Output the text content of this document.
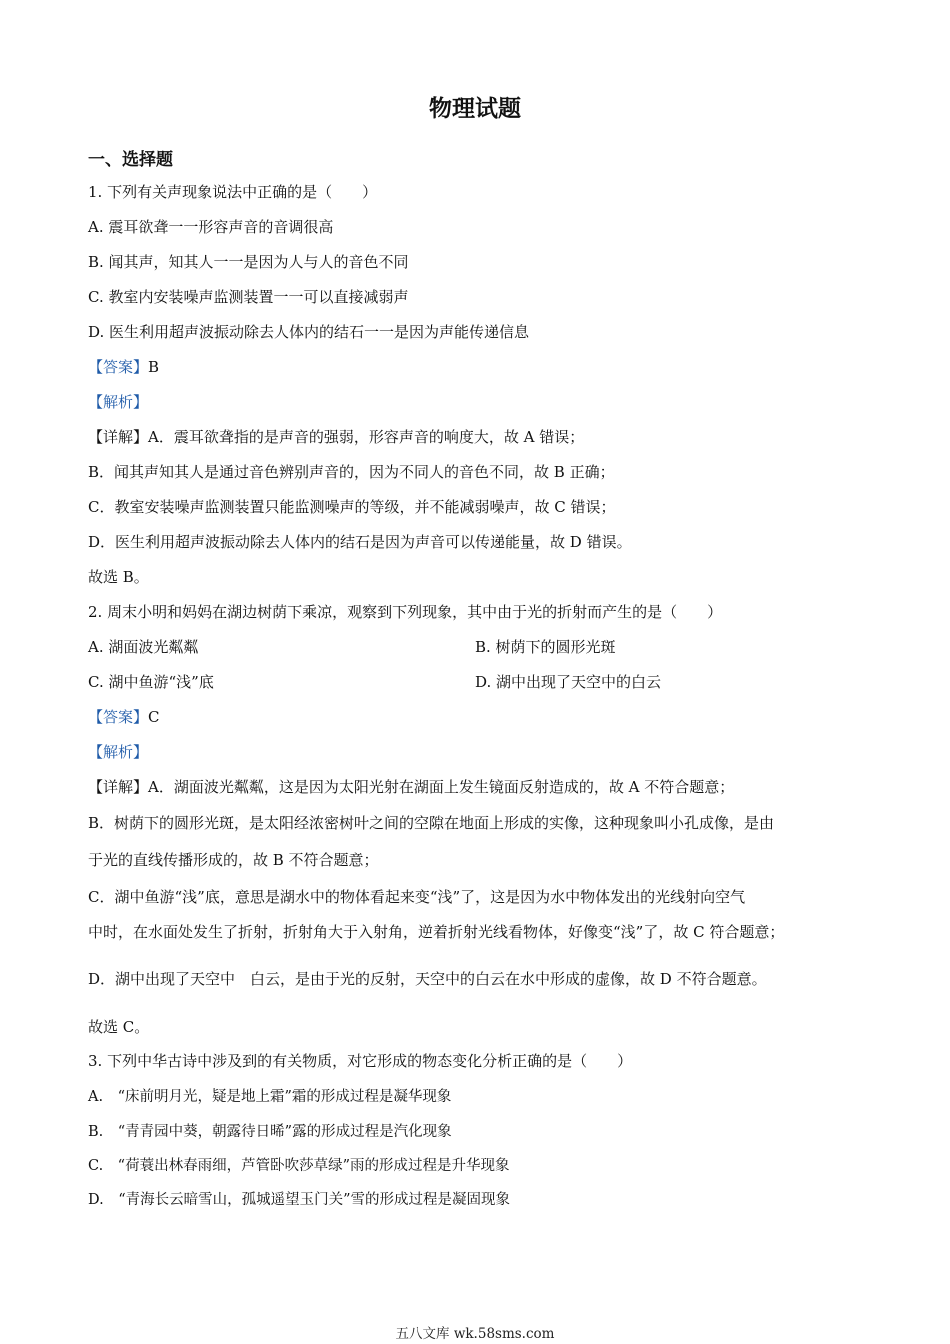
物理试题
一、选择题
1. 下列有关声现象说法中正确的是（　　）
A. 震耳欲聋一一形容声音的音调很高
B. 闻其声，知其人一一是因为人与人的音色不同
C. 教室内安装噪声监测装置一一可以直接减弱声
D. 医生利用超声波振动除去人体内的结石一一是因为声能传递信息
【答案】B
【解析】
【详解】A．震耳欲聋指的是声音的强弱，形容声音的响度大，故 A 错误；
B．闻其声知其人是通过音色辨别声音的，因为不同人的音色不同，故 B 正确；
C．教室安装噪声监测装置只能监测噪声的等级，并不能减弱噪声，故 C 错误；
D．医生利用超声波振动除去人体内的结石是因为声音可以传递能量，故 D 错误。
故选 B。
2. 周末小明和妈妈在湖边树荫下乘凉，观察到下列现象，其中由于光的折射而产生的是（　　）
A. 湖面波光粼粼	B. 树荫下的圆形光斑
C. 湖中鱼游“浅”底	D. 湖中出现了天空中的白云
【答案】C
【解析】
【详解】A．湖面波光粼粼，这是因为太阳光射在湖面上发生镜面反射造成的，故 A 不符合题意；
B．树荫下的圆形光斑，是太阳经浓密树叶之间的空隙在地面上形成的实像，这种现象叫小孔成像，是由
于光的直线传播形成的，故 B 不符合题意；
C．湖中鱼游“浅”底，意思是湖水中的物体看起来变“浅”了，这是因为水中物体发出的光线射向空气
中时，在水面处发生了折射，折射角大于入射角，逆着折射光线看物体，好像变“浅”了，故 C 符合题意；
D．湖中出现了天空中　白云，是由于光的反射，天空中的白云在水中形成的虚像，故 D 不符合题意。
故选 C。
3. 下列中华古诗中涉及到的有关物质，对它形成的物态变化分析正确的是（　　）
A.　“床前明月光，疑是地上霜”霜的形成过程是凝华现象
B.　“青青园中葵，朝露待日晞”露的形成过程是汽化现象
C.　“荷蓑出林春雨细，芦管卧吹莎草绿”雨的形成过程是升华现象
D.　“青海长云暗雪山，孤城遥望玉门关”雪的形成过程是凝固现象
五八文库 wk.58sms.com
